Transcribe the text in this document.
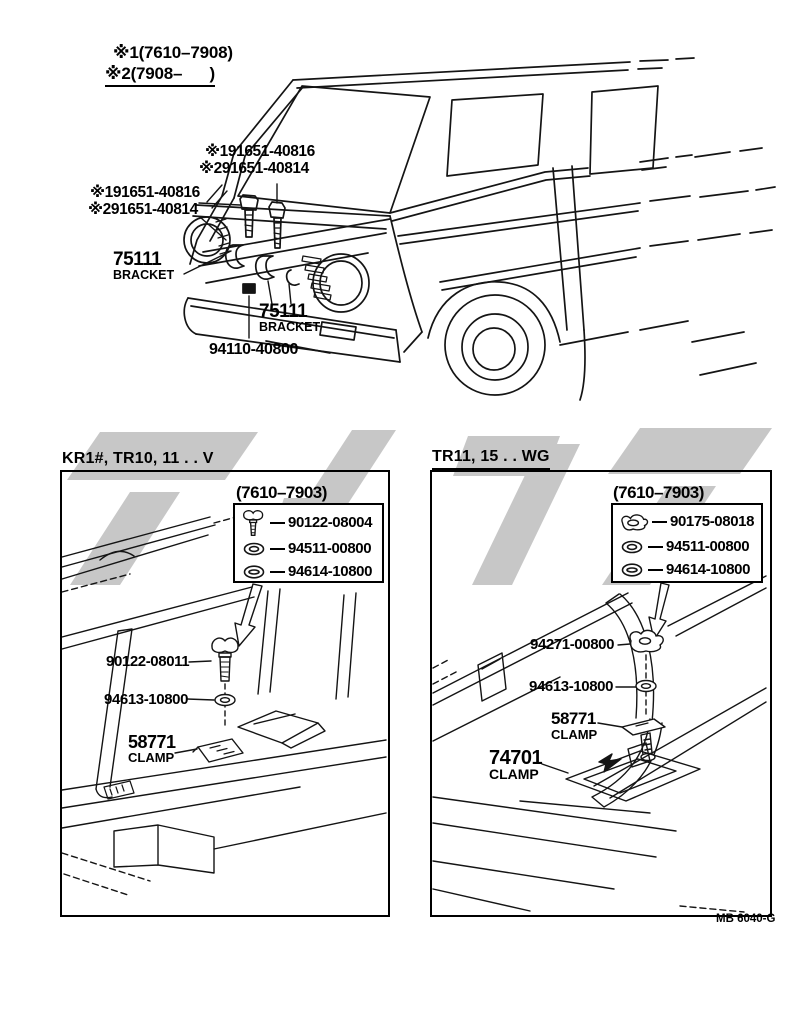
※1(7610–7908)
※2(7908–      )
※191651-40816
※291651-40814
※191651-40816
※291651-40814
75111
BRACKET
75111
BRACKET
94110-40800
KR1#, TR10, 11 . . V
(7610–7903)
90122-08004
94511-00800
94614-10800
90122-08011
94613-10800
58771
CLAMP
TR11, 15 . . WG
(7610–7903)
90175-08018
94511-00800
94614-10800
94271-00800
94613-10800
58771
CLAMP
74701
CLAMP
MB 6040-G
